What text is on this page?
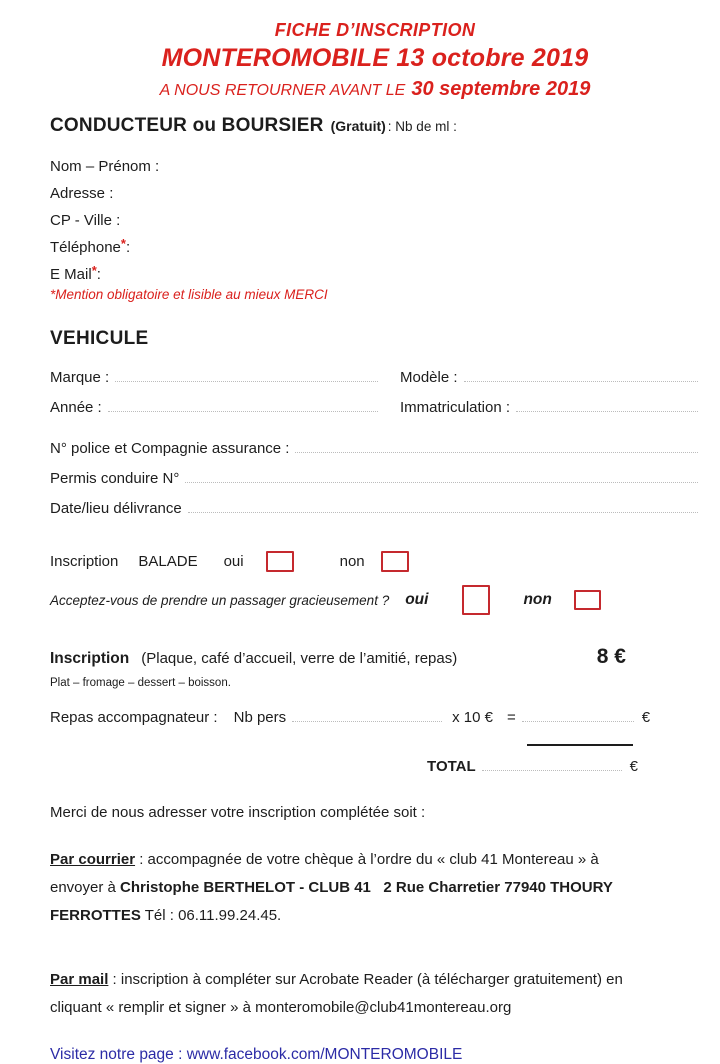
FICHE D’INSCRIPTION
MONTEROMOBILE 13 octobre 2019
A NOUS RETOURNER AVANT LE 30 septembre 2019
CONDUCTEUR ou BOURSIER (Gratuit) : Nb de ml :
Nom – Prénom :
Adresse :
CP - Ville :
Téléphone * :
E Mail * :
*Mention obligatoire et lisible au mieux MERCI
VEHICULE
Marque :	Modèle :
Année :	Immatriculation :
N° police et Compagnie assurance :
Permis conduire N°
Date/lieu délivrance
Inscription BALADE oui	non
Acceptez-vous de prendre un passager gracieusement ? oui	non
Inscription (Plaque, café d’accueil, verre de l’amitié, repas)	8 €
Plat – fromage – dessert – boisson.
Repas accompagnateur : Nb pers	x 10 € =	€
TOTAL	€
Merci de nous adresser votre inscription complétée soit :
Par courrier : accompagnée de votre chèque à l’ordre du « club 41 Montereau » à envoyer à Christophe BERTHELOT - CLUB 41   2 Rue Charretier 77940 THOURY FERROTTES Tél : 06.11.99.24.45.
Par mail : inscription à compléter sur Acrobate Reader (à télécharger gratuitement) en cliquant « remplir et signer » à monteromobile@club41montereau.org
Visitez notre page : www.facebook.com/MONTEROMOBILE
